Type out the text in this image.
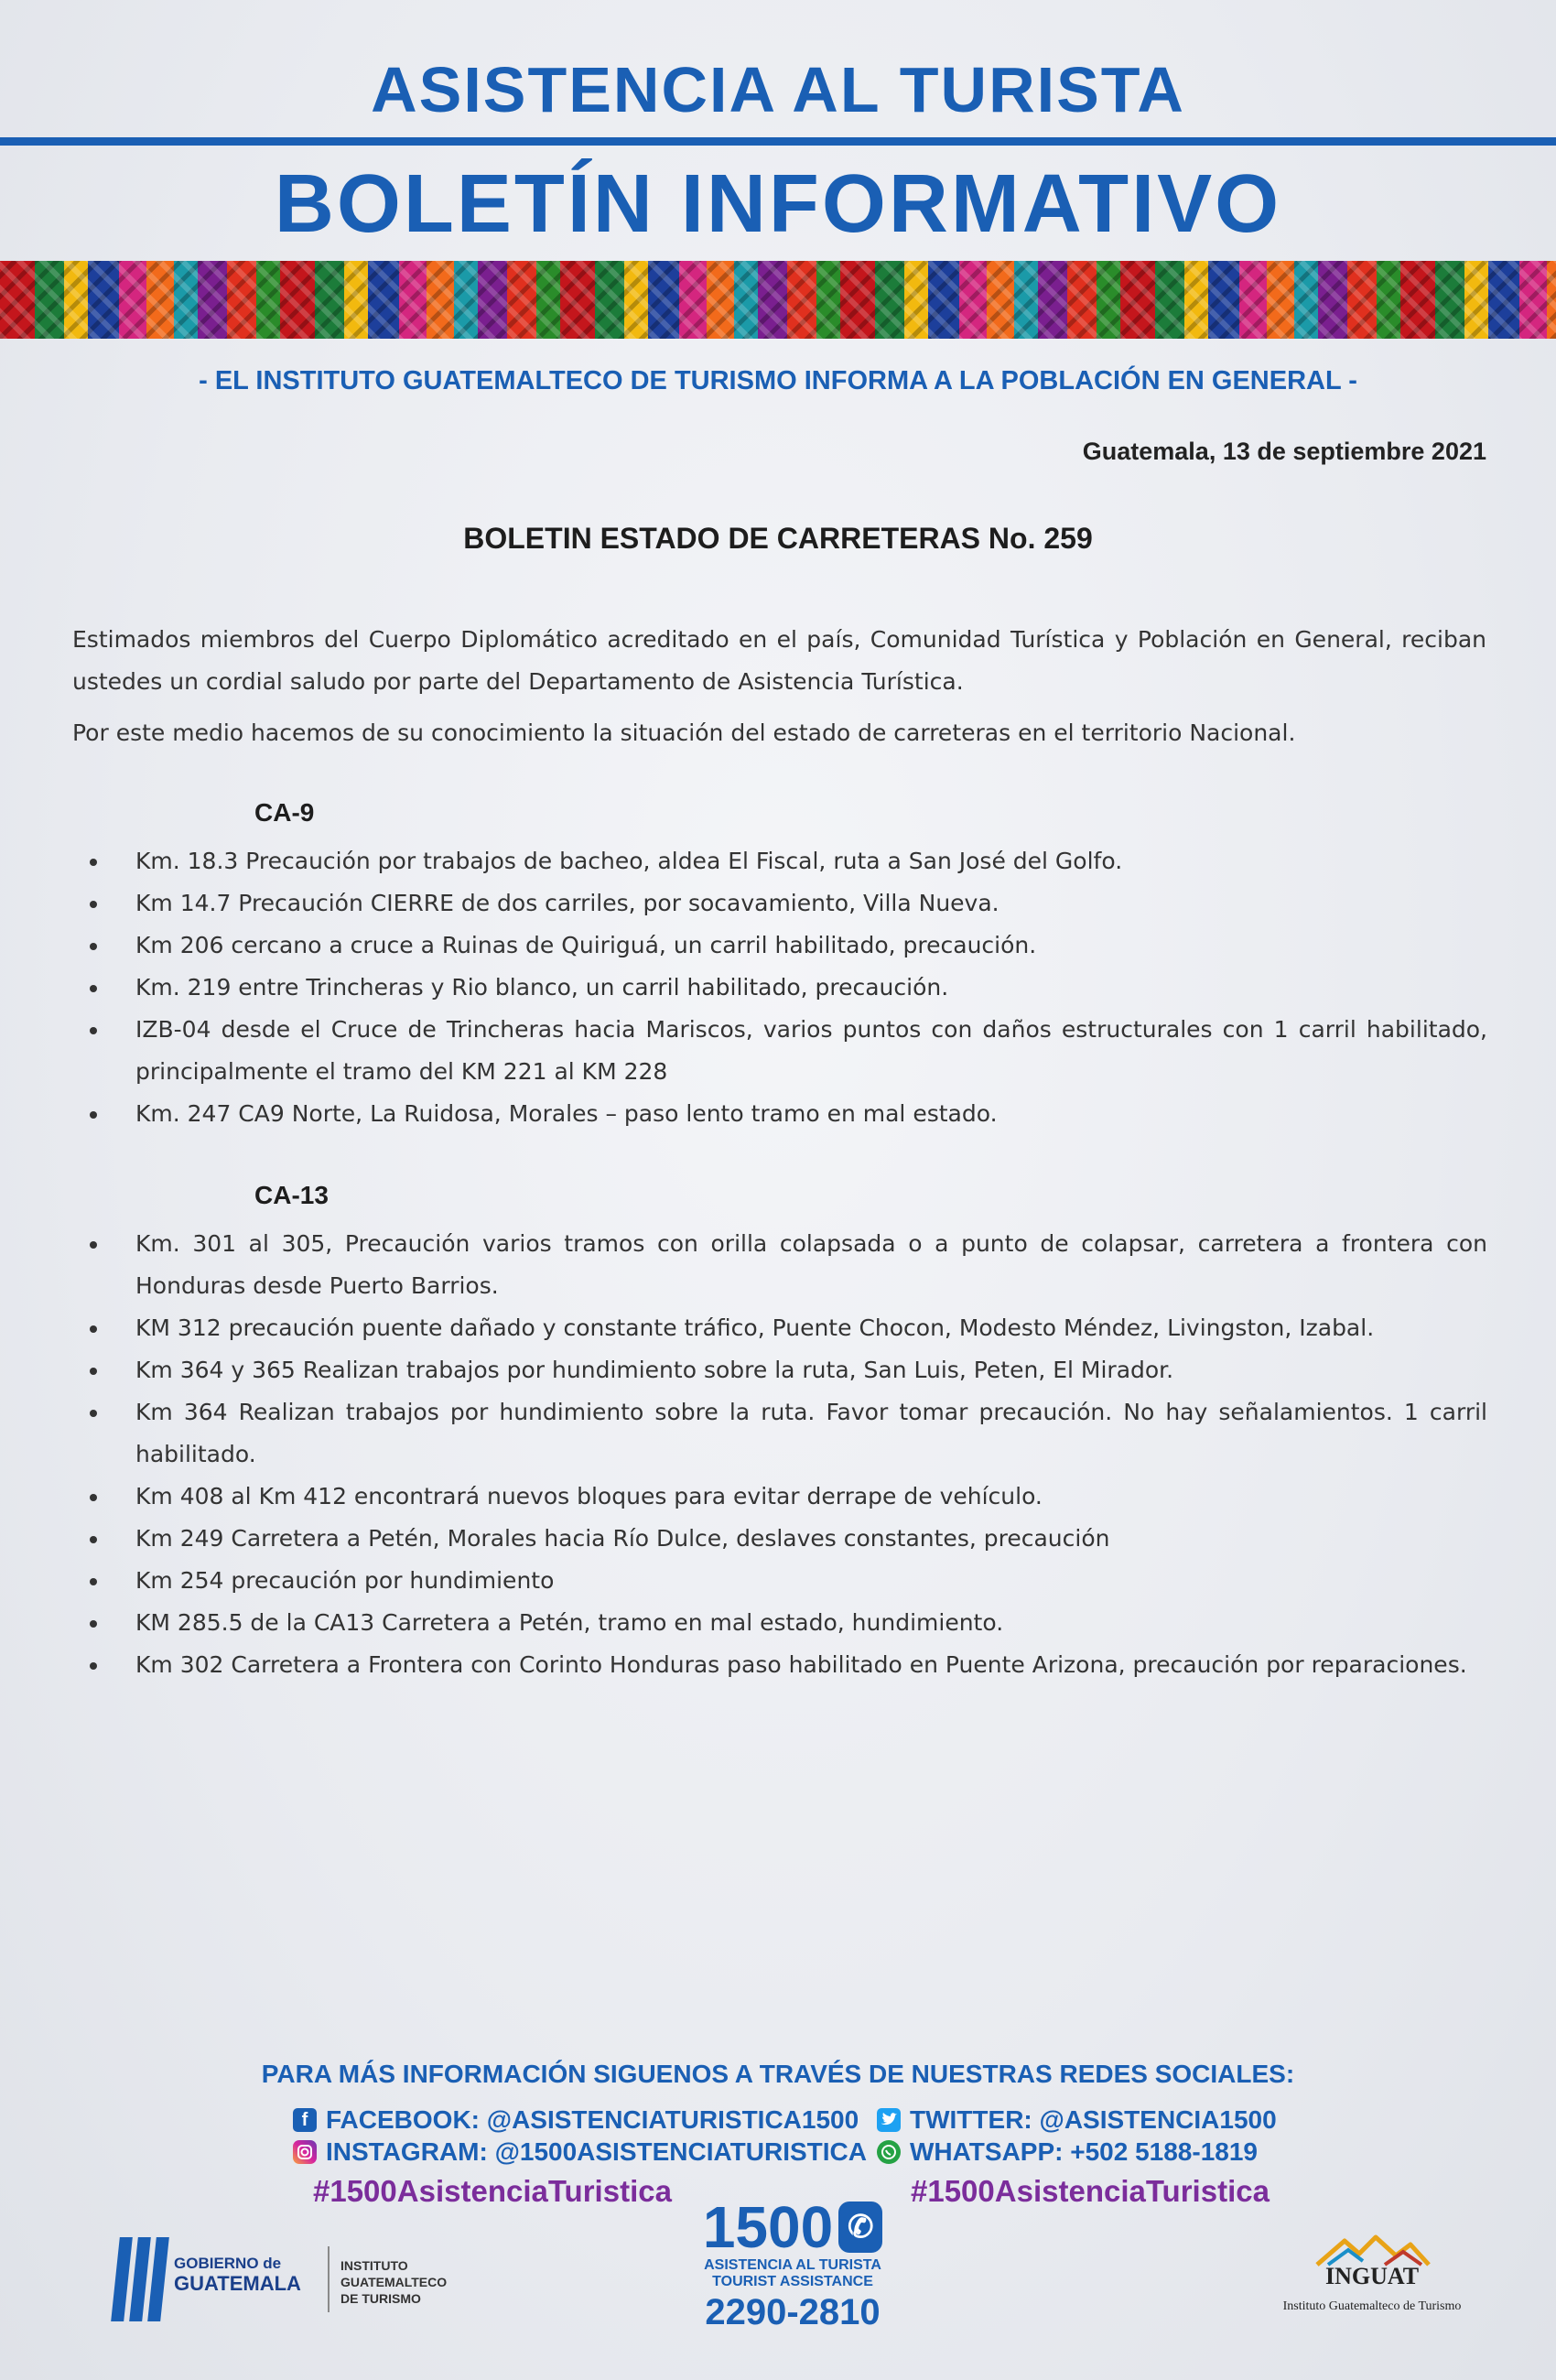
ASISTENCIA AL TURISTA
BOLETÍN INFORMATIVO
- EL INSTITUTO GUATEMALTECO DE TURISMO INFORMA A LA POBLACIÓN EN GENERAL -
Guatemala, 13 de septiembre 2021
BOLETIN ESTADO DE CARRETERAS No. 259

Estimados miembros del Cuerpo Diplomático acreditado en el país, Comunidad Turística y Población en General, reciban ustedes un cordial saludo por parte del Departamento de Asistencia Turística.

Por este medio hacemos de su conocimiento la situación del estado de carreteras en el territorio Nacional.

CA-9
Km. 18.3 Precaución por trabajos de bacheo, aldea El Fiscal, ruta a San José del Golfo.
Km 14.7 Precaución CIERRE de dos carriles, por socavamiento, Villa Nueva.
Km 206 cercano a cruce a Ruinas de Quiriguá, un carril habilitado, precaución.
Km. 219 entre Trincheras y Rio blanco, un carril habilitado, precaución.
IZB-04 desde el Cruce de Trincheras hacia Mariscos, varios puntos con daños estructurales con 1 carril habilitado, principalmente el tramo del KM 221 al KM 228
Km. 247 CA9 Norte, La Ruidosa, Morales – paso lento tramo en mal estado.
CA-13
Km. 301 al 305, Precaución varios tramos con orilla colapsada o a punto de colapsar, carretera a frontera con Honduras desde Puerto Barrios.
KM 312 precaución puente dañado y constante tráfico, Puente Chocon, Modesto Méndez, Livingston, Izabal.
Km 364 y 365 Realizan trabajos por hundimiento sobre la ruta, San Luis, Peten, El Mirador.
Km 364 Realizan trabajos por hundimiento sobre la ruta. Favor tomar precaución. No hay señalamientos. 1 carril habilitado.
Km 408 al Km 412 encontrará nuevos bloques para evitar derrape de vehículo.
Km 249 Carretera a Petén, Morales hacia Río Dulce, deslaves constantes, precaución
Km 254 precaución por hundimiento
KM 285.5 de la CA13 Carretera a Petén, tramo en mal estado, hundimiento.
Km 302 Carretera a Frontera con Corinto Honduras paso habilitado en Puente Arizona, precaución por reparaciones.
PARA MÁS INFORMACIÓN SIGUENOS A TRAVÉS DE NUESTRAS REDES SOCIALES:
f FACEBOOK: @ASISTENCIATURISTICA1500
INSTAGRAM: @1500ASISTENCIATURISTICA
TWITTER: @ASISTENCIA1500
WHATSAPP: +502 5188-1819
#1500AsistenciaTuristica	#1500AsistenciaTuristica
GOBIERNO de
GUATEMALA
INSTITUTO
GUATEMALTECO
DE TURISMO
1500 ✆
ASISTENCIA AL TURISTA
TOURIST ASSISTANCE
2290-2810
INGUAT
Instituto Guatemalteco de Turismo
